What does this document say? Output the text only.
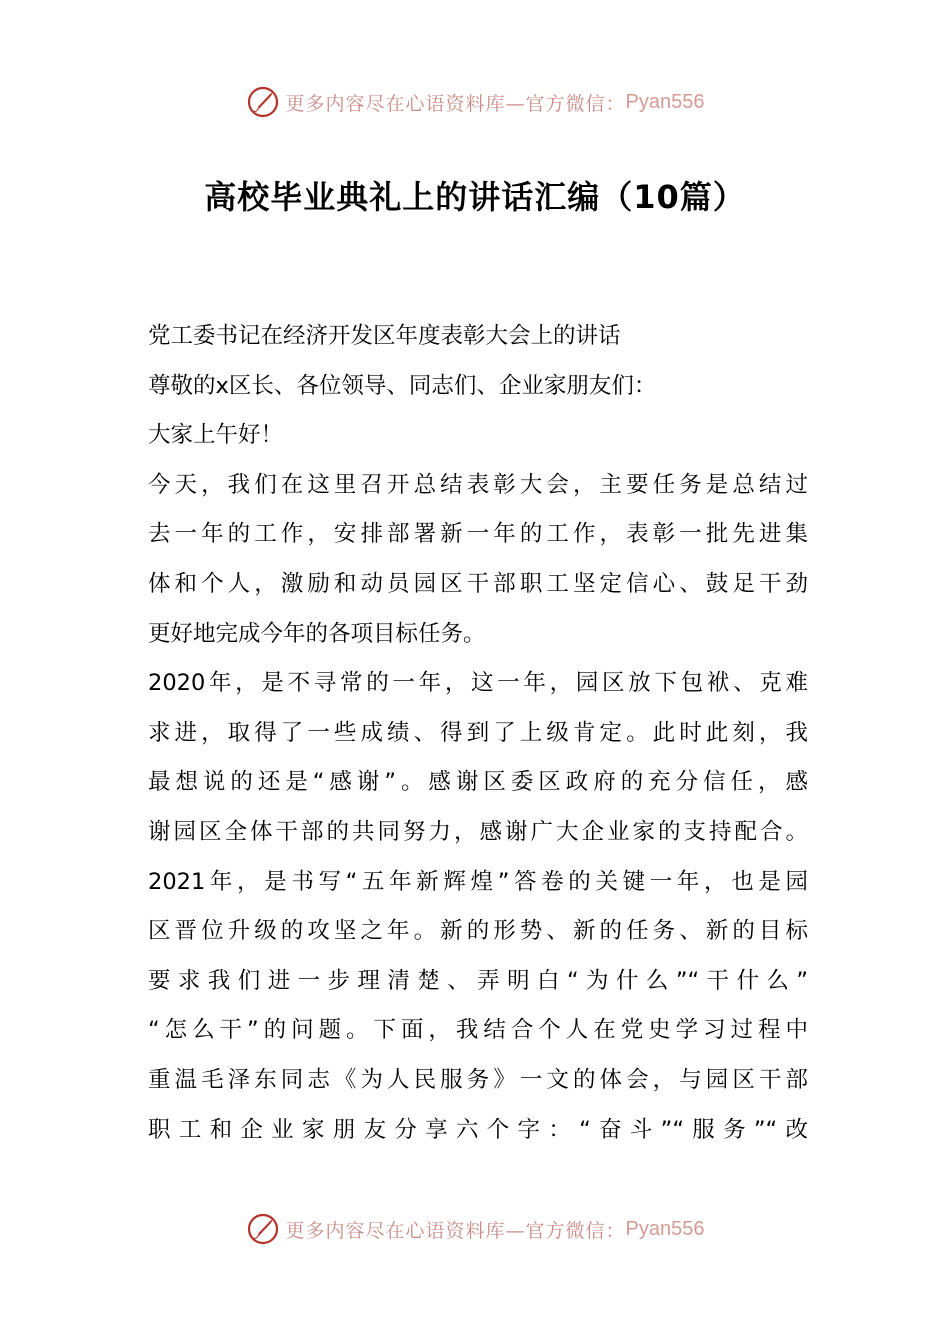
更多内容尽在心语资料库— 官方微信： Pyan556
高校毕业典礼上的讲话汇编（10篇）
党工委书记在经济开发区年度表彰大会上的讲话
尊敬的x区长、各位领导、同志们、企业家朋友们：
大家上午好！
今天，我们在这里召开总结表彰大会，主要任务是总结过
去一年的工作，安排部署新一年的工作，表彰一批先进集
体和个人，激励和动员园区干部职工坚定信心、鼓足干劲
更好地完成今年的各项目标任务。
2020年，是不寻常的一年，这一年，园区放下包袱、克难
求进，取得了一些成绩、得到了上级肯定。此时此刻，我
最想说的还是“感谢”。感谢区委区政府的充分信任，感
谢园区全体干部的共同努力，感谢广大企业家的支持配合。
2021年，是书写“五年新辉煌”答卷的关键一年，也是园
区晋位升级的攻坚之年。新的形势、新的任务、新的目标
要求我们进一步理清楚、弄明白“为什么”“干什么”
“怎么干”的问题。下面，我结合个人在党史学习过程中
重温毛泽东同志《为人民服务》一文的体会，与园区干部
职工和企业家朋友分享六个字：“奋斗”“服务”“改
更多内容尽在心语资料库— 官方微信： Pyan556
